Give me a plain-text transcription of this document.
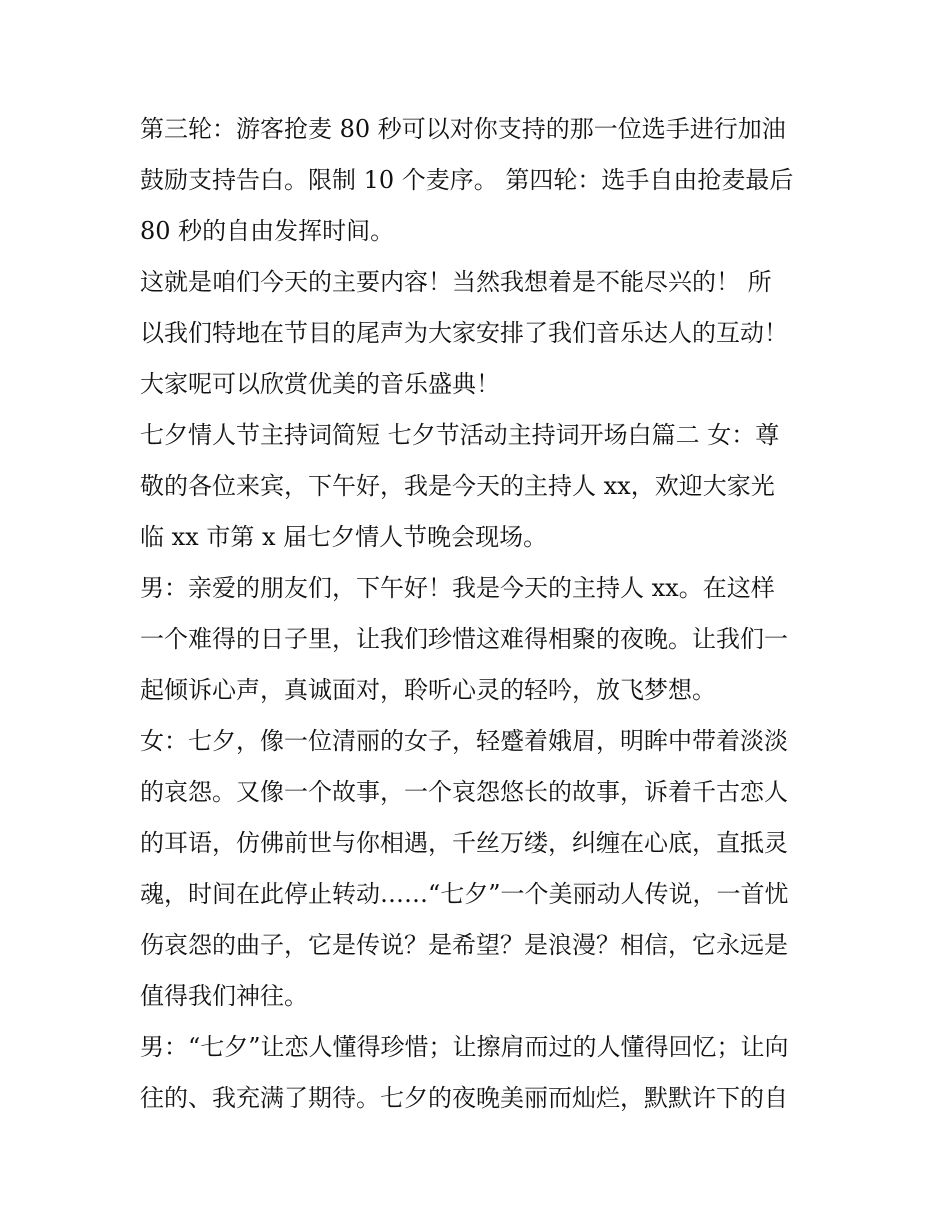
第三轮：游客抢麦 80 秒可以对你支持的那一位选手进行加油
鼓励支持告白。限制 10 个麦序。 第四轮：选手自由抢麦最后
80 秒的自由发挥时间。

这就是咱们今天的主要内容！当然我想着是不能尽兴的！ 所
以我们特地在节目的尾声为大家安排了我们音乐达人的互动！
大家呢可以欣赏优美的音乐盛典！

七夕情人节主持词简短 七夕节活动主持词开场白篇二 女：尊
敬的各位来宾，下午好，我是今天的主持人 xx，欢迎大家光
临 xx 市第 x 届七夕情人节晚会现场。

男：亲爱的朋友们，下午好！我是今天的主持人 xx。在这样
一个难得的日子里，让我们珍惜这难得相聚的夜晚。让我们一
起倾诉心声，真诚面对，聆听心灵的轻吟，放飞梦想。

女：七夕，像一位清丽的女子，轻蹙着娥眉，明眸中带着淡淡
的哀怨。又像一个故事，一个哀怨悠长的故事，诉着千古恋人
的耳语，仿佛前世与你相遇，千丝万缕，纠缠在心底，直抵灵
魂，时间在此停止转动……“七夕”一个美丽动人传说，一首忧
伤哀怨的曲子，它是传说？是希望？是浪漫？相信，它永远是
值得我们神往。

男：“七夕”让恋人懂得珍惜；让擦肩而过的人懂得回忆；让向
往的、我充满了期待。七夕的夜晚美丽而灿烂，默默许下的自
